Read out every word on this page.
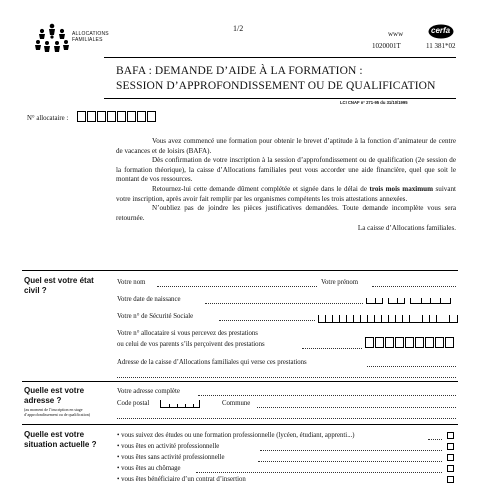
ALLOCATIONS
FAMILIALES
1/2
www
1020001T
cerfa
11 381*02
BAFA : DEMANDE D’AIDE À LA FORMATION :
SESSION D’APPROFONDISSEMENT OU DE QUALIFICATION
LCI CNAF n° 271-95 du 31/10/1995
N° allocataire :

Vous avez commencé une formation pour obtenir le brevet d’aptitude à la fonction d’animateur de centre de vacances et de loisirs (BAFA).

Dès confirmation de votre inscription à la session d’approfondissement ou de qualification (2e session de la formation théorique), la caisse d’Allocations familiales peut vous accorder une aide financière, quel que soit le montant de vos ressources.

Retournez-lui cette demande dûment complétée et signée dans le délai de trois mois maximum suivant votre inscription, après avoir fait remplir par les organismes compétents les trois attestations annexées.

N’oubliez pas de joindre les pièces justificatives demandées. Toute demande incomplète vous sera retournée.

La caisse d’Allocations familiales.
Quel est votre état civil ?
Votre nom	Votre prénom
Votre date de naissance
Votre n° de Sécurité Sociale
Votre n° allocataire si vous percevez des prestations
ou celui de vos parents s’ils perçoivent des prestations
Adresse de la caisse d’Allocations familiales qui verse ces prestations
Quelle est votre adresse ?
(au moment de l’inscription en stage d’approfondissement ou de qualification)
Votre adresse complète
Code postal	Commune
Quelle est votre situation actuelle ?
• vous suivez des études ou une formation professionnelle (lycéen, étudiant, apprenti...)
• vous êtes en activité professionnelle
• vous êtes sans activité professionnelle
• vous êtes au chômage
• vous êtes bénéficiaire d’un contrat d’insertion
